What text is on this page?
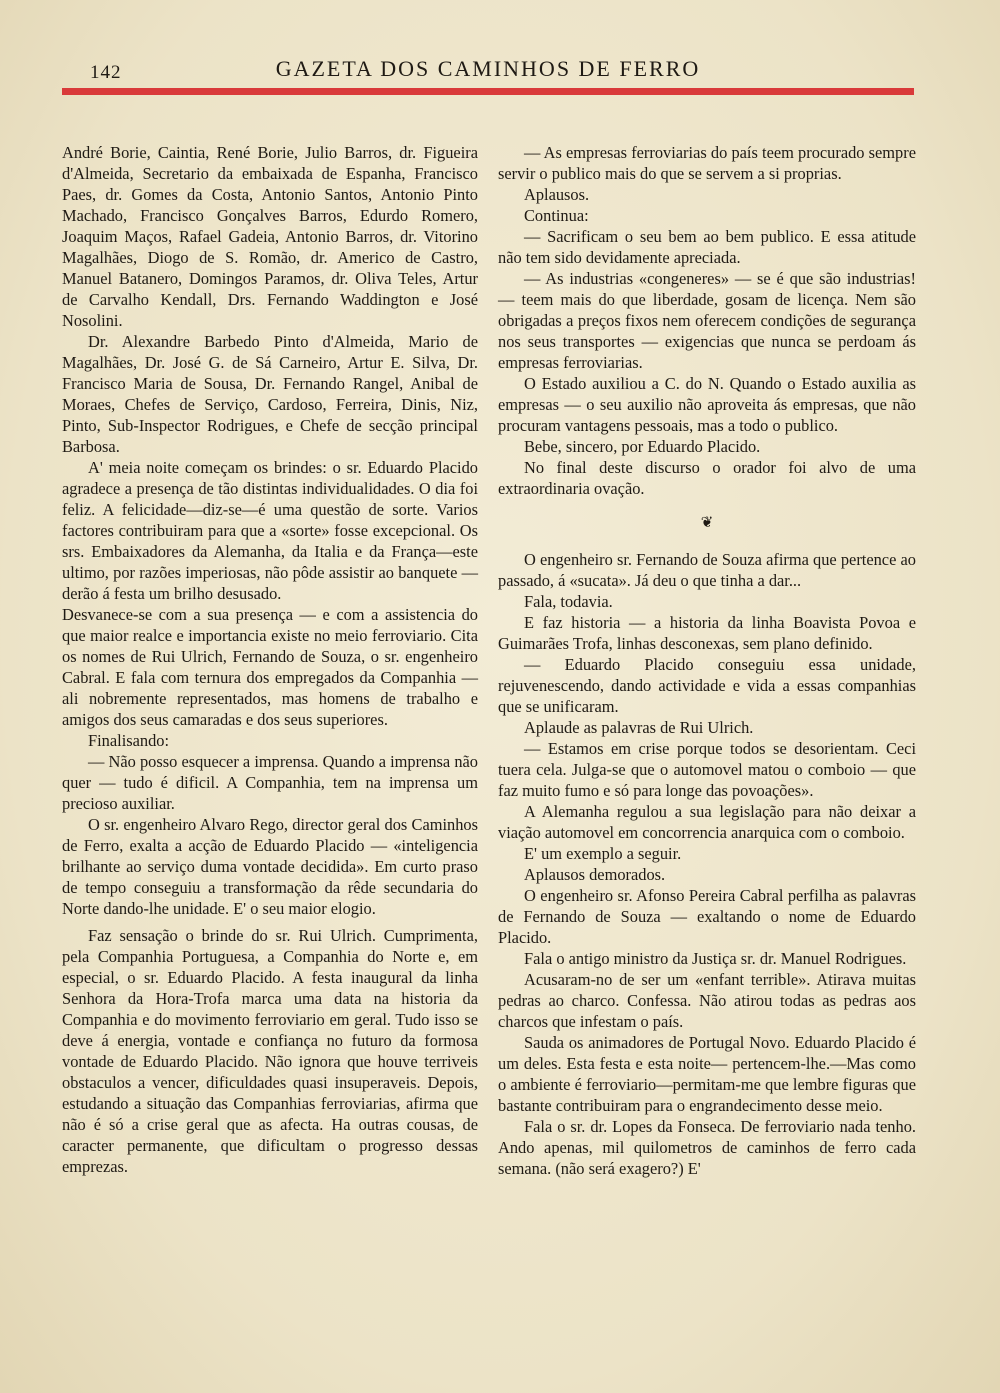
142	GAZETA DOS CAMINHOS DE FERRO

André Borie, Caintia, René Borie, Julio Barros, dr. Figueira d'Almeida, Secretario da embaixada de Espanha, Francisco Paes, dr. Gomes da Costa, Antonio Santos, Antonio Pinto Machado, Francisco Gonçalves Barros, Edurdo Romero, Joaquim Maços, Rafael Gadeia, Antonio Barros, dr. Vitorino Magalhães, Diogo de S. Romão, dr. Americo de Castro, Manuel Batanero, Domingos Paramos, dr. Oliva Teles, Artur de Carvalho Kendall, Drs. Fernando Waddington e José Nosolini.

Dr. Alexandre Barbedo Pinto d'Almeida, Mario de Magalhães, Dr. José G. de Sá Carneiro, Artur E. Silva, Dr. Francisco Maria de Sousa, Dr. Fernando Rangel, Anibal de Moraes, Chefes de Serviço, Cardoso, Ferreira, Dinis, Niz, Pinto, Sub-Inspector Rodrigues, e Chefe de secção principal Barbosa.

A' meia noite começam os brindes: o sr. Eduardo Placido agradece a presença de tão distintas individualidades. O dia foi feliz. A felicidade—diz-se—é uma questão de sorte. Varios factores contribuiram para que a «sorte» fosse excepcional. Os srs. Embaixadores da Alemanha, da Italia e da França—este ultimo, por razões imperiosas, não pôde assistir ao banquete — derão á festa um brilho desusado.

Desvanece-se com a sua presença — e com a assistencia do que maior realce e importancia existe no meio ferroviario. Cita os nomes de Rui Ulrich, Fernando de Souza, o sr. engenheiro Cabral. E fala com ternura dos empregados da Companhia — ali nobremente representados, mas homens de trabalho e amigos dos seus camaradas e dos seus superiores.

Finalisando:

— Não posso esquecer a imprensa. Quando a imprensa não quer — tudo é dificil. A Companhia, tem na imprensa um precioso auxiliar.

O sr. engenheiro Alvaro Rego, director geral dos Caminhos de Ferro, exalta a acção de Eduardo Placido — «inteligencia brilhante ao serviço duma vontade decidida». Em curto praso de tempo conseguiu a transformação da rêde secundaria do Norte dando-lhe unidade. E' o seu maior elogio.

Faz sensação o brinde do sr. Rui Ulrich. Cumprimenta, pela Companhia Portuguesa, a Companhia do Norte e, em especial, o sr. Eduardo Placido. A festa inaugural da linha Senhora da Hora-Trofa marca uma data na historia da Companhia e do movimento ferroviario em geral. Tudo isso se deve á energia, vontade e confiança no futuro da formosa vontade de Eduardo Placido. Não ignora que houve terriveis obstaculos a vencer, dificuldades quasi insuperaveis. Depois, estudando a situação das Companhias ferroviarias, afirma que não é só a crise geral que as afecta. Ha outras cousas, de caracter permanente, que dificultam o progresso dessas emprezas.

— As empresas ferroviarias do país teem procurado sempre servir o publico mais do que se servem a si proprias.

Aplausos.

Continua:

— Sacrificam o seu bem ao bem publico. E essa atitude não tem sido devidamente apreciada.

— As industrias «congeneres» — se é que são industrias! — teem mais do que liberdade, gosam de licença. Nem são obrigadas a preços fixos nem oferecem condições de segurança nos seus transportes — exigencias que nunca se perdoam ás empresas ferroviarias.

O Estado auxiliou a C. do N. Quando o Estado auxilia as empresas — o seu auxilio não aproveita ás empresas, que não procuram vantagens pessoais, mas a todo o publico.

Bebe, sincero, por Eduardo Placido.

No final deste discurso o orador foi alvo de uma extraordinaria ovação.

❦

O engenheiro sr. Fernando de Souza afirma que pertence ao passado, á «sucata». Já deu o que tinha a dar...

Fala, todavia.

E faz historia — a historia da linha Boavista Povoa e Guimarães Trofa, linhas desconexas, sem plano definido.

— Eduardo Placido conseguiu essa unidade, rejuvenescendo, dando actividade e vida a essas companhias que se unificaram.

Aplaude as palavras de Rui Ulrich.

— Estamos em crise porque todos se desorientam. Ceci tuera cela. Julga-se que o automovel matou o comboio — que faz muito fumo e só para longe das povoações».

A Alemanha regulou a sua legislação para não deixar a viação automovel em concorrencia anarquica com o comboio.

E' um exemplo a seguir.

Aplausos demorados.

O engenheiro sr. Afonso Pereira Cabral perfilha as palavras de Fernando de Souza — exaltando o nome de Eduardo Placido.

Fala o antigo ministro da Justiça sr. dr. Manuel Rodrigues.

Acusaram-no de ser um «enfant terrible». Atirava muitas pedras ao charco. Confessa. Não atirou todas as pedras aos charcos que infestam o país.

Sauda os animadores de Portugal Novo. Eduardo Placido é um deles. Esta festa e esta noite— pertencem-lhe.—Mas como o ambiente é ferroviario—permitam-me que lembre figuras que bastante contribuiram para o engrandecimento desse meio.

Fala o sr. dr. Lopes da Fonseca. De ferroviario nada tenho. Ando apenas, mil quilometros de caminhos de ferro cada semana. (não será exagero?) E'
